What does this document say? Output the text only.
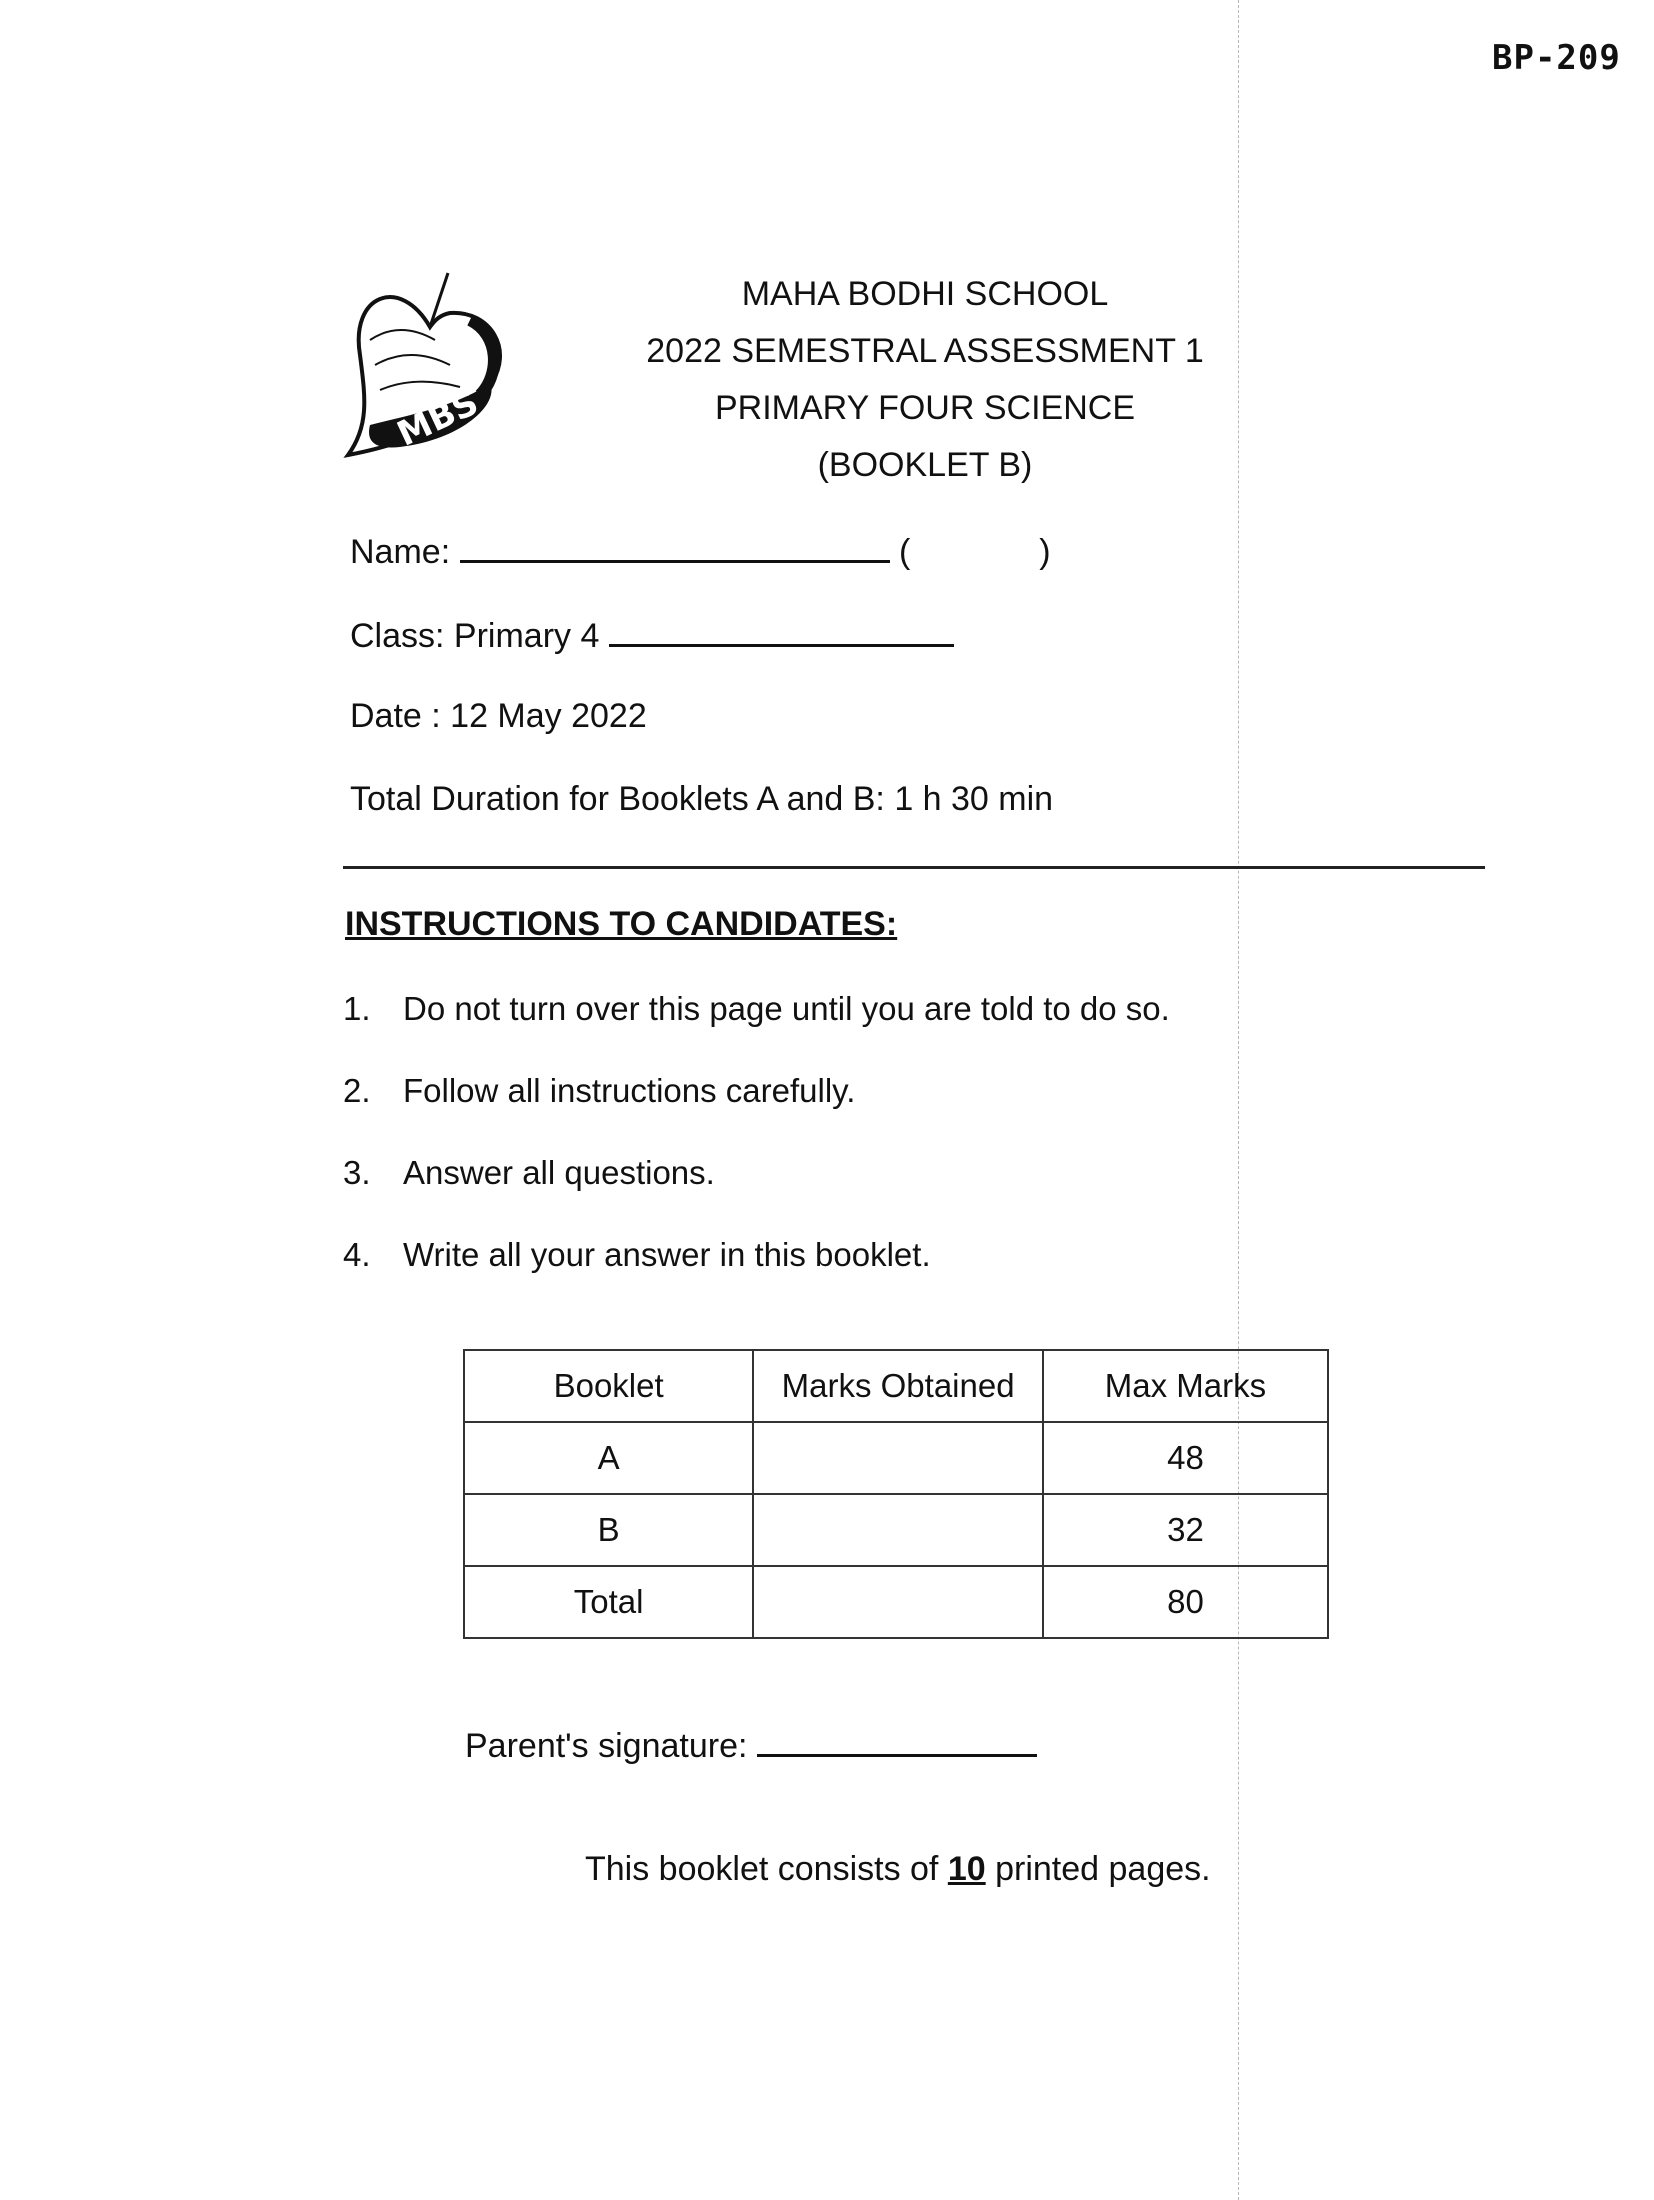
BP-209
MBS
MAHA BODHI SCHOOL
2022 SEMESTRAL ASSESSMENT 1
PRIMARY FOUR SCIENCE
(BOOKLET B)
Name:	(	)
Class: Primary 4
Date : 12 May 2022
Total Duration for Booklets A and B: 1 h 30 min
INSTRUCTIONS TO CANDIDATES:
1. Do not turn over this page until you are told to do so.
2. Follow all instructions carefully.
3. Answer all questions.
4. Write all your answer in this booklet.
Booklet	Marks Obtained	Max Marks
A		48
B		32
Total		80
Parent's signature:
This booklet consists of 10 printed pages.
